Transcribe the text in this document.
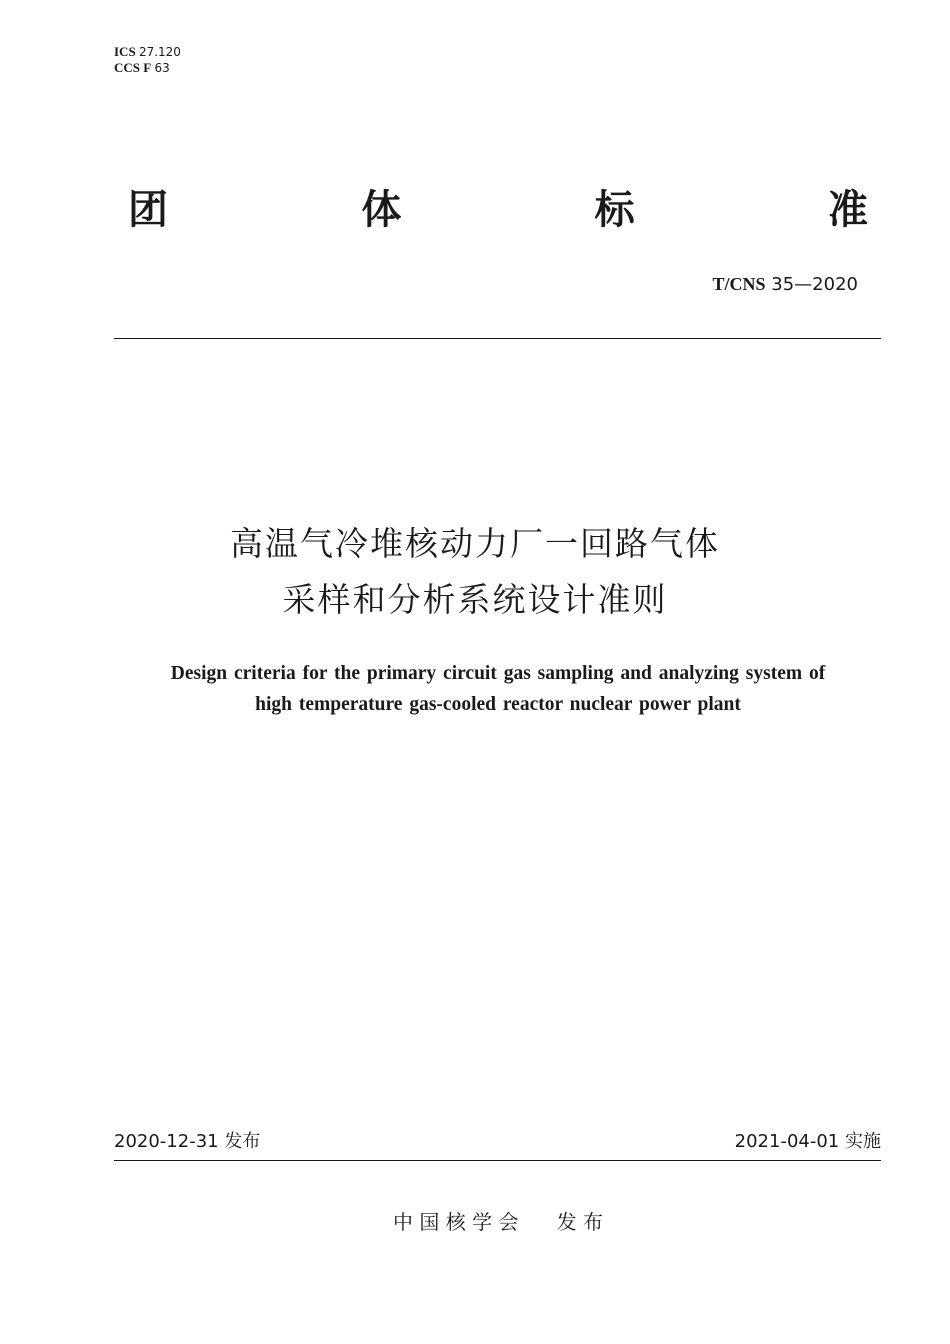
ICS 27.120
CCS F 63
团	体	标	准
T/CNS 35—2020
高温气冷堆核动力厂一回路气体
采样和分析系统设计准则
Design criteria for the primary circuit gas sampling and analyzing system of
high temperature gas-cooled reactor nuclear power plant
2020-12-31 发布	2021-04-01 实施
中 国 核 学 会 发 布
